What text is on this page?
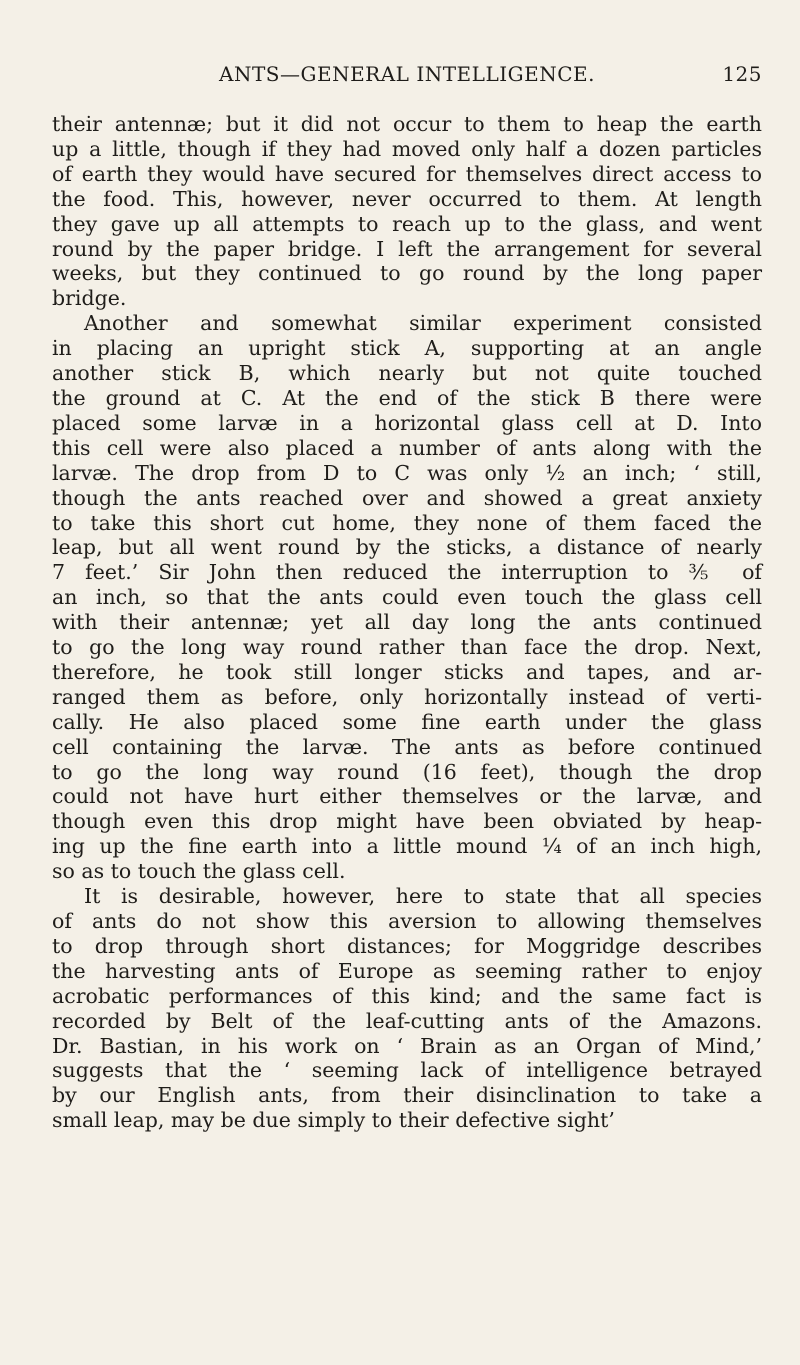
ANTS—GENERAL INTELLIGENCE.	125
their antennæ; but it did not occur to them to heap the earth
up a little, though if they had moved only half a dozen particles
of earth they would have secured for themselves direct access to
the food. This, however, never occurred to them. At length
they gave up all attempts to reach up to the glass, and went
round by the paper bridge. I left the arrangement for several
weeks, but they continued to go round by the long paper
bridge.
Another and somewhat similar experiment consisted
in placing an upright stick A, supporting at an angle
another stick B, which nearly but not quite touched
the ground at C. At the end of the stick B there were
placed some larvæ in a horizontal glass cell at D. Into
this cell were also placed a number of ants along with the
larvæ. The drop from D to C was only ½ an inch; ‘ still,
though the ants reached over and showed a great anxiety
to take this short cut home, they none of them faced the
leap, but all went round by the sticks, a distance of nearly
7 feet.’ Sir John then reduced the interruption to ⅗ of
an inch, so that the ants could even touch the glass cell
with their antennæ; yet all day long the ants continued
to go the long way round rather than face the drop. Next,
therefore, he took still longer sticks and tapes, and ar-
ranged them as before, only horizontally instead of verti-
cally. He also placed some fine earth under the glass
cell containing the larvæ. The ants as before continued
to go the long way round (16 feet), though the drop
could not have hurt either themselves or the larvæ, and
though even this drop might have been obviated by heap-
ing up the fine earth into a little mound ¼ of an inch high,
so as to touch the glass cell.
It is desirable, however, here to state that all species
of ants do not show this aversion to allowing themselves
to drop through short distances; for Moggridge describes
the harvesting ants of Europe as seeming rather to enjoy
acrobatic performances of this kind; and the same fact is
recorded by Belt of the leaf-cutting ants of the Amazons.
Dr. Bastian, in his work on ‘ Brain as an Organ of Mind,’
suggests that the ‘ seeming lack of intelligence betrayed
by our English ants, from their disinclination to take a
small leap, may be due simply to their defective sight’
